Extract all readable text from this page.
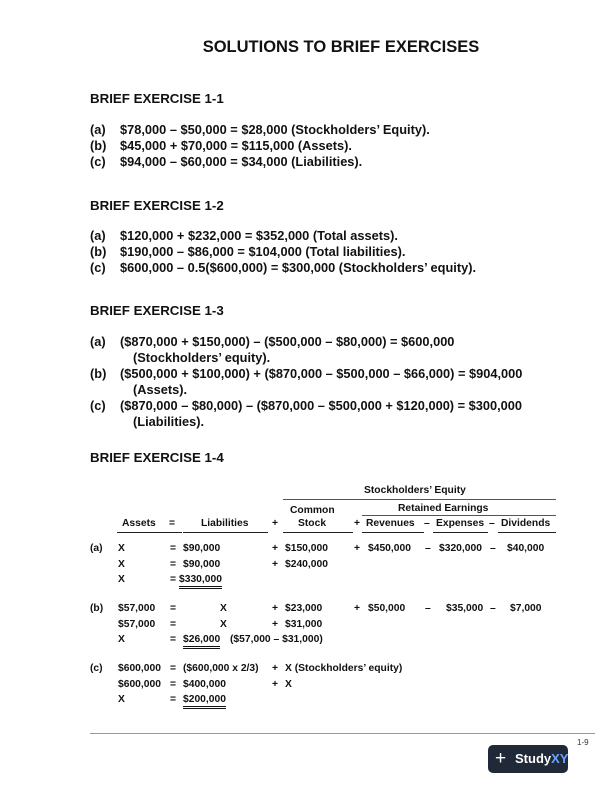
SOLUTIONS TO BRIEF EXERCISES
BRIEF EXERCISE 1-1
(a) $78,000 – $50,000 = $28,000 (Stockholders’ Equity).
(b) $45,000 + $70,000 = $115,000 (Assets).
(c) $94,000 – $60,000 = $34,000 (Liabilities).
BRIEF EXERCISE 1-2
(a) $120,000 + $232,000 = $352,000 (Total assets).
(b) $190,000 – $86,000 = $104,000 (Total liabilities).
(c) $600,000 – 0.5($600,000) = $300,000 (Stockholders’ equity).
BRIEF EXERCISE 1-3
(a) ($870,000 + $150,000) – ($500,000 – $80,000) = $600,000
(Stockholders’ equity).
(b) ($500,000 + $100,000) + ($870,000 – $500,000 – $66,000) = $904,000
(Assets).
(c) ($870,000 – $80,000) – ($870,000 – $500,000 + $120,000) = $300,000
(Liabilities).
BRIEF EXERCISE 1-4
Stockholders’ Equity
Common	Retained Earnings
Assets =	Liabilities + Stock	+ Revenues – Expenses – Dividends
(a) X	= $90,000	+ $150,000	+ $450,000 – $320,000 – $40,000
X	= $90,000	+ $240,000
X	= $330,000
(b) $57,000 =	X	+ $23,000	+ $50,000 – $35,000 – $7,000
$57,000 =	X	+ $31,000
X	= $26,000 ($57,000 – $31,000)
(c) $600,000 = ($600,000 x 2/3) + X (Stockholders’ equity)
$600,000 = $400,000	+ X
X	= $200,000
1-9
+ StudyXY
